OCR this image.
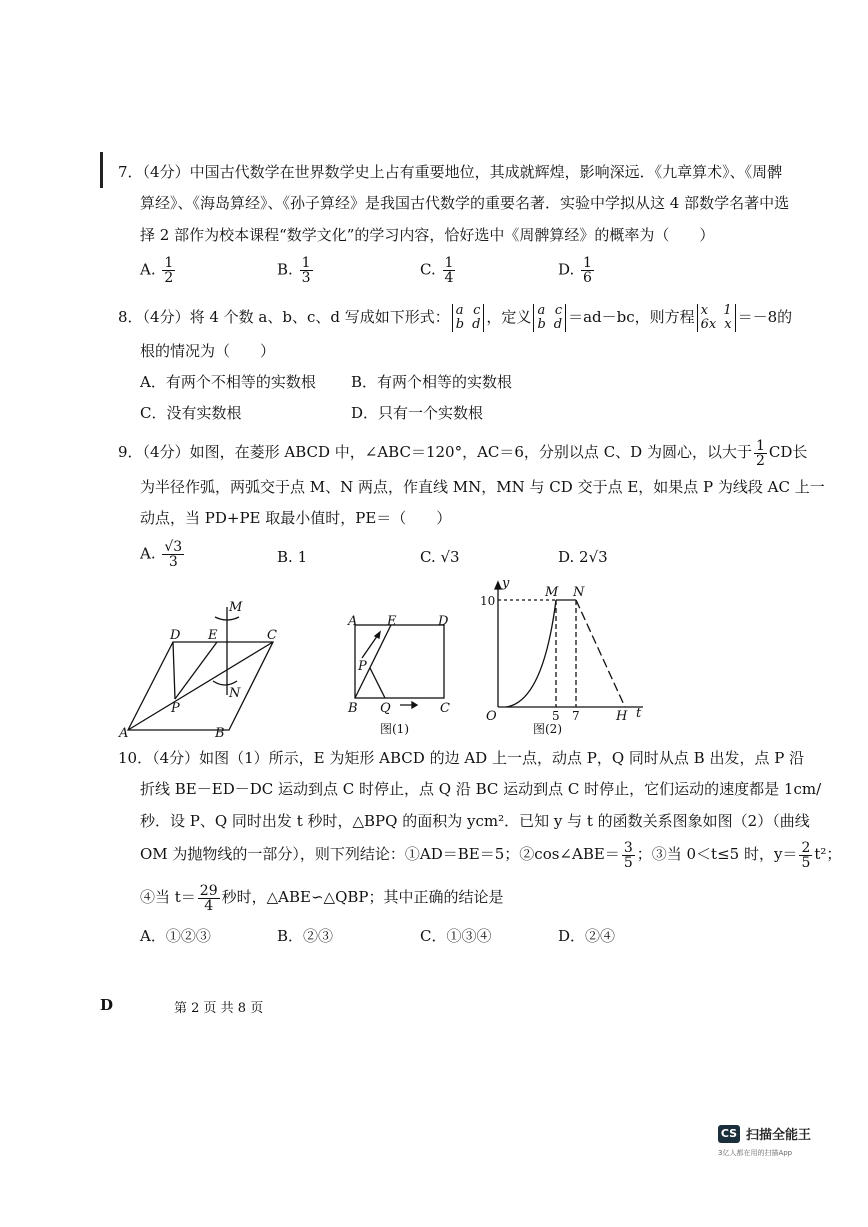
7．（4分）中国古代数学在世界数学史上占有重要地位，其成就辉煌，影响深远．《九章算术》、《周髀
算经》、《海岛算经》、《孙子算经》是我国古代数学的重要名著．实验中学拟从这 4 部数学名著中选
择 2 部作为校本课程“数学文化”的学习内容，恰好选中《周髀算经》的概率为（　　）
A. $\frac{1}{2}$	B. $\frac{1}{3}$	C. $\frac{1}{4}$	D. $\frac{1}{6}$
8．（4分）将 4 个数 a、b、c、d 写成如下形式： a c
b d ，定义 a c
b d ＝ad－bc，则方程 x 1
6x x ＝－8的
根的情况为（　　）
A．有两个不相等的实数根 B．有两个相等的实数根
C．没有实数根	D．只有一个实数根
9．（4分）如图，在菱形 ABCD 中，∠ABC＝120°，AC＝6，分别以点 C、D 为圆心，以大于 $\frac{1}{2}$ CD长
为半径作弧，两弧交于点 M、N 两点，作直线 MN，MN 与 CD 交于点 E，如果点 P 为线段 AC 上一
动点，当 PD+PE 取最小值时，PE＝（　　）
A. $\frac{√3}{3}$	B. 1	C. √3	D. 2√3
M
D E	C
N
P
A	B
A E	D
P
B Q	C
图(1)
y
10
M N
O	5 7	H t
图(2)
10．（4分）如图（1）所示，E 为矩形 ABCD 的边 AD 上一点，动点 P，Q 同时从点 B 出发，点 P 沿
折线 BE－ED－DC 运动到点 C 时停止，点 Q 沿 BC 运动到点 C 时停止，它们运动的速度都是 1cm/
秒．设 P、Q 同时出发 t 秒时，△BPQ 的面积为 ycm²．已知 y 与 t 的函数关系图象如图（2）（曲线
OM 为抛物线的一部分），则下列结论：①AD＝BE＝5；②cos∠ABE＝ $\frac{3}{5}$ ；③当 0＜t≤5 时，$y= \frac{2}{5} t^2$；
④当 $t= \frac{29}{4}$ 秒时，△ABE∽△QBP；其中正确的结论是
A．①②③	B．②③	C．①③④	D．②④
D	第 2 页 共 8 页
CS 扫描全能王
3亿人都在用的扫描App
